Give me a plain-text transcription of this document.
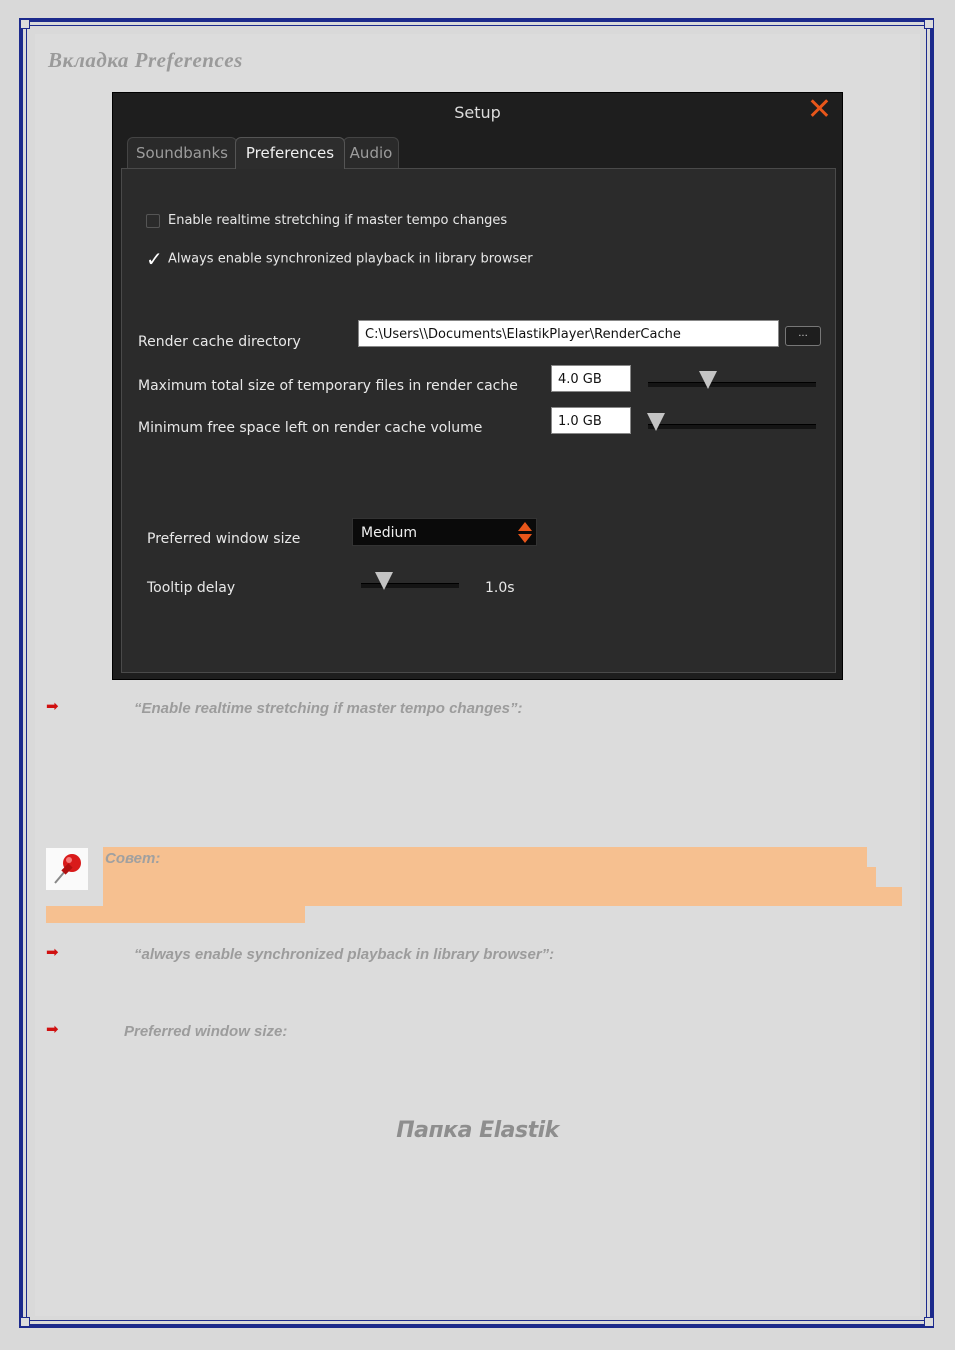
Вкладка Preferences
Setup	✕
Soundbanks	Preferences	Audio
Enable realtime stretching if master tempo changes
✓ Always enable synchronized playback in library browser
Render cache directory	C:\Users\\Documents\ElastikPlayer\RenderCache	...
Maximum total size of temporary files in render cache	4.0 GB
Minimum free space left on render cache volume	1.0 GB
Preferred window size	Medium
Tooltip delay	1.0s
➡	“Enable realtime stretching if master tempo changes”:
Совет:
➡	“always enable synchronized playback in library browser”:
➡	Preferred window size:
Папка Elastik
